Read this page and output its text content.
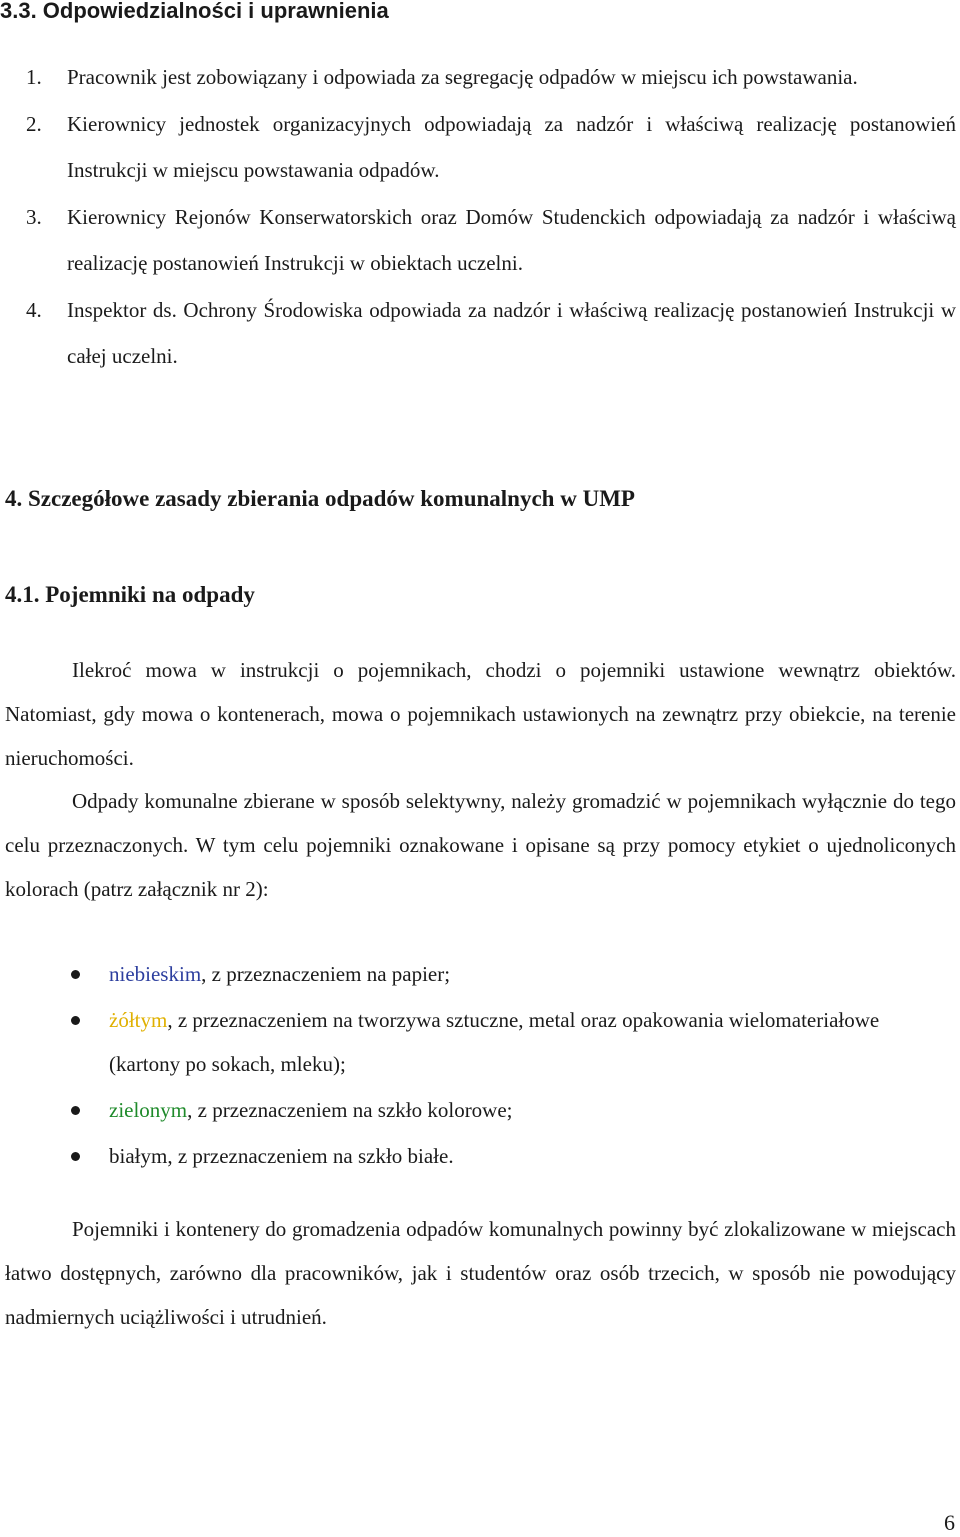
3.3. Odpowiedzialności i uprawnienia
1. Pracownik jest zobowiązany i odpowiada za segregację odpadów w miejscu ich powstawania.
2. Kierownicy jednostek organizacyjnych odpowiadają za nadzór i właściwą realizację postanowień Instrukcji w miejscu powstawania odpadów.
3. Kierownicy Rejonów Konserwatorskich oraz Domów Studenckich odpowiadają za nadzór i właściwą realizację postanowień Instrukcji w obiektach uczelni.
4. Inspektor ds. Ochrony Środowiska odpowiada za nadzór i właściwą realizację postanowień Instrukcji w całej uczelni.
4. Szczegółowe zasady zbierania odpadów komunalnych w UMP
4.1. Pojemniki na odpady

Ilekroć mowa w instrukcji o pojemnikach, chodzi o pojemniki ustawione wewnątrz obiektów. Natomiast, gdy mowa o kontenerach, mowa o pojemnikach ustawionych na zewnątrz przy obiekcie, na terenie nieruchomości.

Odpady komunalne zbierane w sposób selektywny, należy gromadzić w pojemnikach wyłącznie do tego celu przeznaczonych. W tym celu pojemniki oznakowane i opisane są przy pomocy etykiet o ujednoliconych kolorach (patrz załącznik nr 2):

niebieskim, z przeznaczeniem na papier;
żółtym, z przeznaczeniem na tworzywa sztuczne, metal oraz opakowania wielomateriałowe (kartony po sokach, mleku);
zielonym, z przeznaczeniem na szkło kolorowe;
białym, z przeznaczeniem na szkło białe.

Pojemniki i kontenery do gromadzenia odpadów komunalnych powinny być zlokalizowane w miejscach łatwo dostępnych, zarówno dla pracowników, jak i studentów oraz osób trzecich, w sposób nie powodujący nadmiernych uciążliwości i utrudnień.

6
